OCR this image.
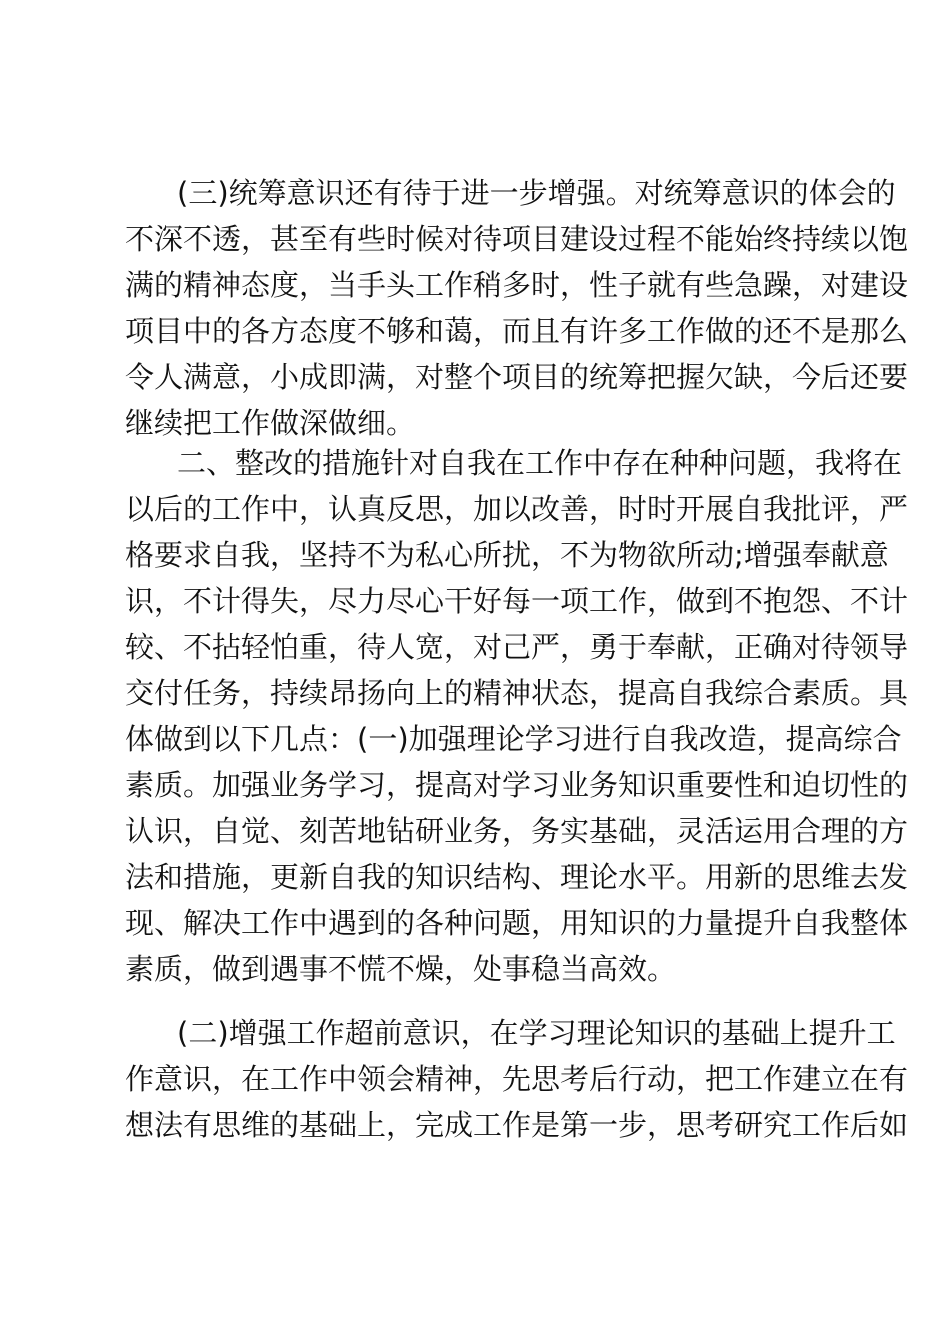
(三)统筹意识还有待于进一步增强。对统筹意识的体会的
不深不透，甚至有些时候对待项目建设过程不能始终持续以饱
满的精神态度，当手头工作稍多时，性子就有些急躁，对建设
项目中的各方态度不够和蔼，而且有许多工作做的还不是那么
令人满意，小成即满，对整个项目的统筹把握欠缺，今后还要
继续把工作做深做细。
二、整改的措施针对自我在工作中存在种种问题，我将在
以后的工作中，认真反思，加以改善，时时开展自我批评，严
格要求自我，坚持不为私心所扰，不为物欲所动;增强奉献意
识，不计得失，尽力尽心干好每一项工作，做到不抱怨、不计
较、不拈轻怕重，待人宽，对己严，勇于奉献，正确对待领导
交付任务，持续昂扬向上的精神状态，提高自我综合素质。具
体做到以下几点：(一)加强理论学习进行自我改造，提高综合
素质。加强业务学习，提高对学习业务知识重要性和迫切性的
认识，自觉、刻苦地钻研业务，务实基础，灵活运用合理的方
法和措施，更新自我的知识结构、理论水平。用新的思维去发
现、解决工作中遇到的各种问题，用知识的力量提升自我整体
素质，做到遇事不慌不燥，处事稳当高效。
(二)增强工作超前意识，在学习理论知识的基础上提升工
作意识，在工作中领会精神，先思考后行动，把工作建立在有
想法有思维的基础上，完成工作是第一步，思考研究工作后如
